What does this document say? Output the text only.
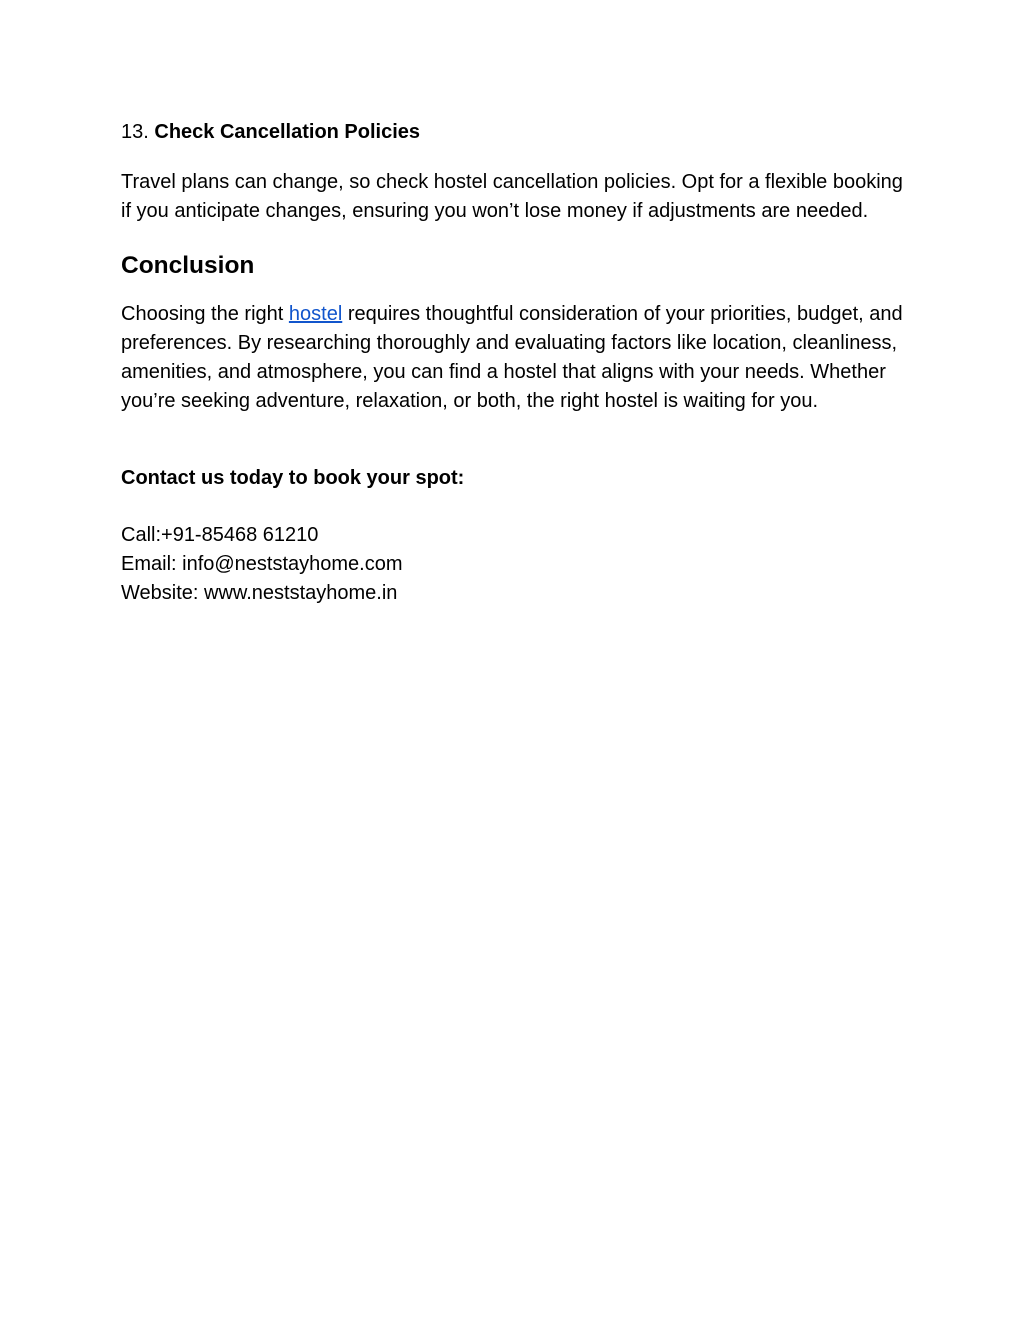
13. Check Cancellation Policies

Travel plans can change, so check hostel cancellation policies. Opt for a flexible booking if you anticipate changes, ensuring you won’t lose money if adjustments are needed.

Conclusion

Choosing the right hostel requires thoughtful consideration of your priorities, budget, and preferences. By researching thoroughly and evaluating factors like location, cleanliness, amenities, and atmosphere, you can find a hostel that aligns with your needs. Whether you’re seeking adventure, relaxation, or both, the right hostel is waiting for you.

Contact us today to book your spot:

Call:+91-85468 61210
Email: info@neststayhome.com
Website: www.neststayhome.in
